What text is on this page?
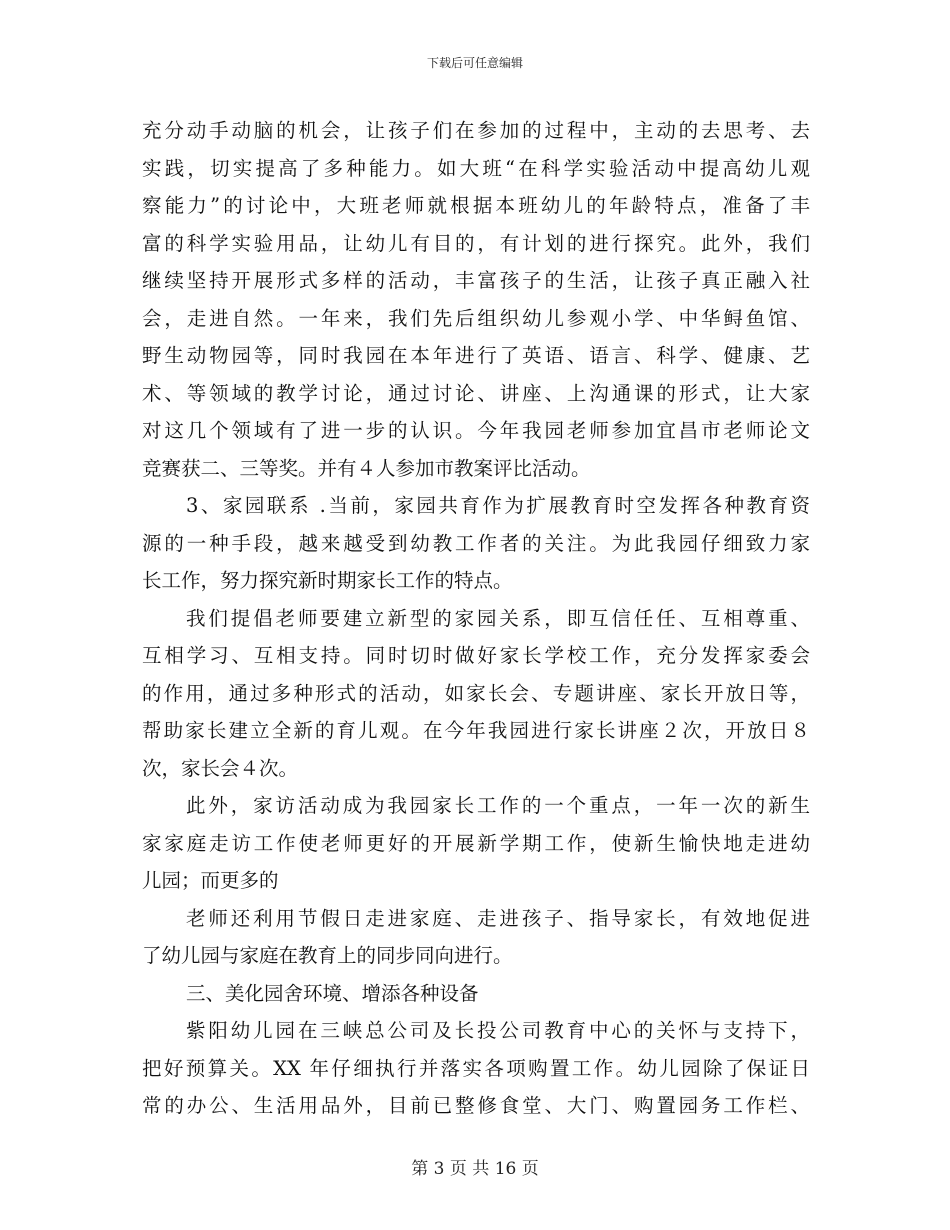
下载后可任意编辑
充分动手动脑的机会，让孩子们在参加的过程中，主动的去思考、去
实践，切实提高了多种能力。如大班“在科学实验活动中提高幼儿观
察能力”的讨论中，大班老师就根据本班幼儿的年龄特点，准备了丰
富的科学实验用品，让幼儿有目的，有计划的进行探究。此外，我们
继续坚持开展形式多样的活动，丰富孩子的生活，让孩子真正融入社
会，走进自然。一年来，我们先后组织幼儿参观小学、中华鲟鱼馆、
野生动物园等，同时我园在本年进行了英语、语言、科学、健康、艺
术、等领域的教学讨论，通过讨论、讲座、上沟通课的形式，让大家
对这几个领域有了进一步的认识。今年我园老师参加宜昌市老师论文
竞赛获二、三等奖。并有４人参加市教案评比活动。
3、家园联系 .当前，家园共育作为扩展教育时空发挥各种教育资
源的一种手段，越来越受到幼教工作者的关注。为此我园仔细致力家
长工作，努力探究新时期家长工作的特点。
我们提倡老师要建立新型的家园关系，即互信任任、互相尊重、
互相学习、互相支持。同时切时做好家长学校工作，充分发挥家委会
的作用，通过多种形式的活动，如家长会、专题讲座、家长开放日等，
帮助家长建立全新的育儿观。在今年我园进行家长讲座２次，开放日８
次，家长会４次。
此外，家访活动成为我园家长工作的一个重点，一年一次的新生
家家庭走访工作使老师更好的开展新学期工作，使新生愉快地走进幼
儿园；而更多的
老师还利用节假日走进家庭、走进孩子、指导家长，有效地促进
了幼儿园与家庭在教育上的同步同向进行。
三、美化园舍环境、增添各种设备
紫阳幼儿园在三峡总公司及长投公司教育中心的关怀与支持下，
把好预算关。XX 年仔细执行并落实各项购置工作。幼儿园除了保证日
常的办公、生活用品外，目前已整修食堂、大门、购置园务工作栏、
第 3 页 共 16 页
